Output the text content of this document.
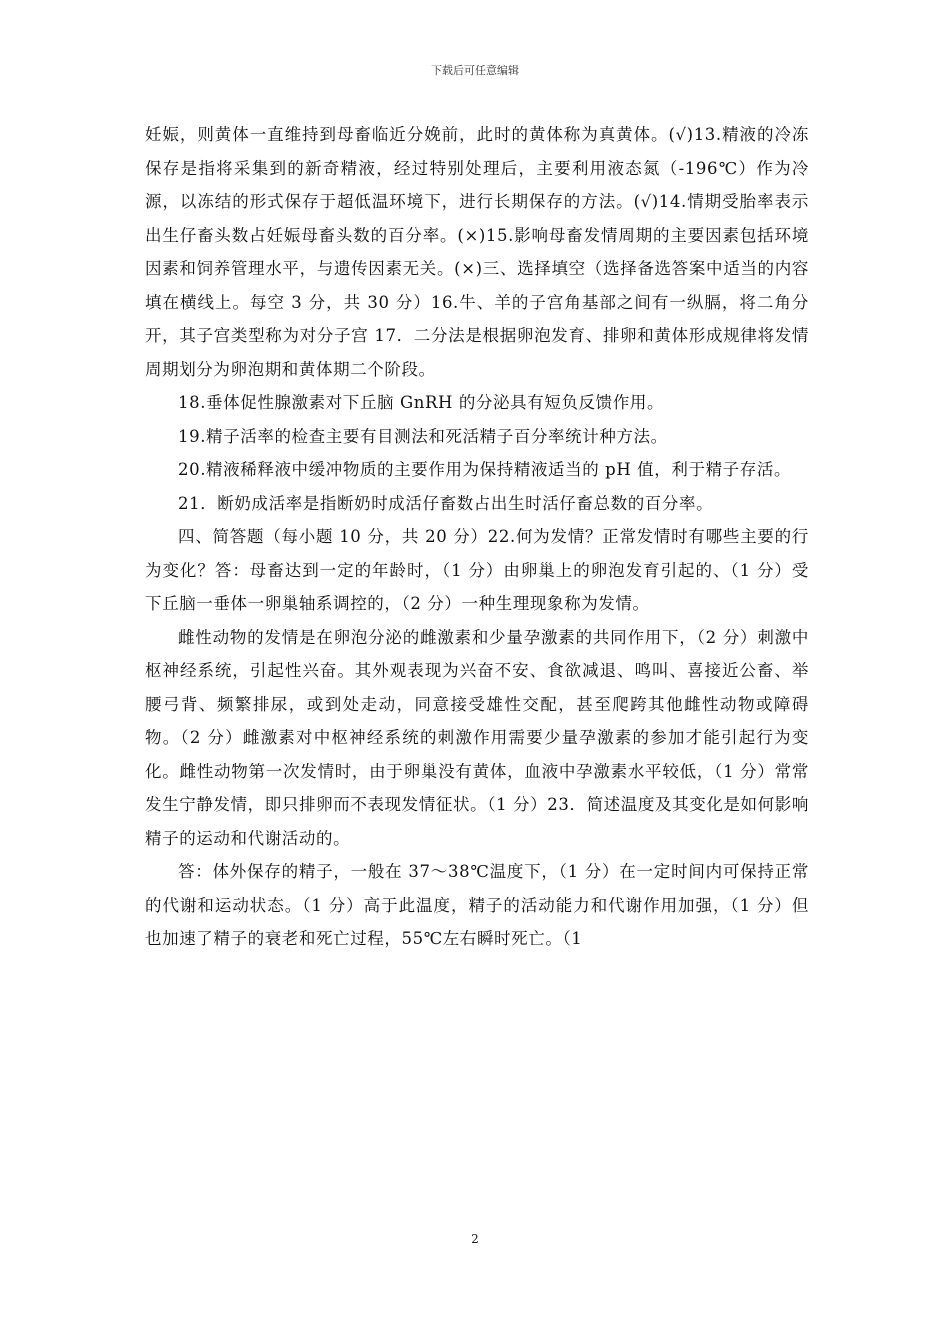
下载后可任意编辑

妊娠，则黄体一直维持到母畜临近分娩前，此时的黄体称为真黄体。(√)13.精液的冷冻保存是指将采集到的新奇精液，经过特别处理后，主要利用液态氮（-196℃）作为冷源，以冻结的形式保存于超低温环境下，进行长期保存的方法。(√)14.情期受胎率表示出生仔畜头数占妊娠母畜头数的百分率。(×)15.影响母畜发情周期的主要因素包括环境因素和饲养管理水平，与遗传因素无关。(×)三、选择填空（选择备选答案中适当的内容填在横线上。每空 3 分，共 30 分）16.牛、羊的子宫角基部之间有一纵膈，将二角分开，其子宫类型称为对分子宫 17．二分法是根据卵泡发育、排卵和黄体形成规律将发情周期划分为卵泡期和黄体期二个阶段。

18.垂体促性腺激素对下丘脑 GnRH 的分泌具有短负反馈作用。

19.精子活率的检查主要有目测法和死活精子百分率统计种方法。

20.精液稀释液中缓冲物质的主要作用为保持精液适当的 pH 值，利于精子存活。

21．断奶成活率是指断奶时成活仔畜数占出生时活仔畜总数的百分率。

四、简答题（每小题 10 分，共 20 分）22.何为发情？正常发情时有哪些主要的行为变化？答：母畜达到一定的年龄时，（1 分）由卵巢上的卵泡发育引起的、（1 分）受下丘脑一垂体一卵巢轴系调控的，（2 分）一种生理现象称为发情。

雌性动物的发情是在卵泡分泌的雌激素和少量孕激素的共同作用下，（2 分）刺激中枢神经系统，引起性兴奋。其外观表现为兴奋不安、食欲减退、鸣叫、喜接近公畜、举腰弓背、频繁排尿，或到处走动，同意接受雄性交配，甚至爬跨其他雌性动物或障碍物。（2 分）雌激素对中枢神经系统的刺激作用需要少量孕激素的参加才能引起行为变化。雌性动物第一次发情时，由于卵巢没有黄体，血液中孕激素水平较低，（1 分）常常发生宁静发情，即只排卵而不表现发情征状。（1 分）23．简述温度及其变化是如何影响精子的运动和代谢活动的。

答：体外保存的精子，一般在 37～38℃温度下，（1 分）在一定时间内可保持正常的代谢和运动状态。（1 分）高于此温度，精子的活动能力和代谢作用加强，（1 分）但也加速了精子的衰老和死亡过程，55℃左右瞬时死亡。（1

2
